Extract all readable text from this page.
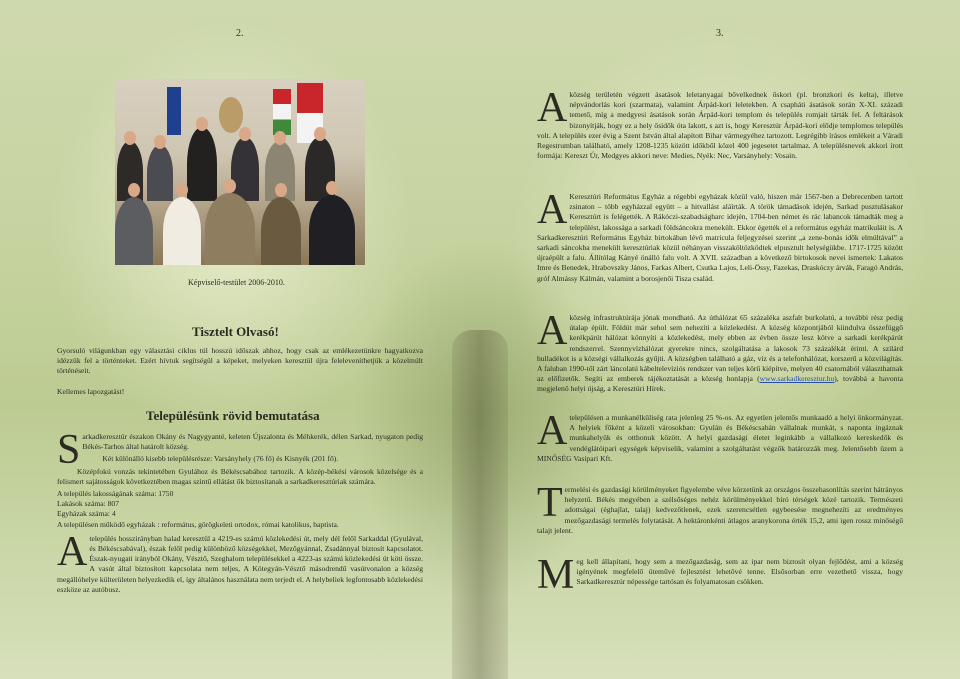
2.
Képviselő-testület 2006-2010.
Tisztelt Olvasó!

Gyorsuló világunkban egy választási ciklus túl hosszú időszak ahhoz, hogy csak az emlékezetünkre hagyatkozva idézzük fel a történteket. Ezért hívtuk segítségül a képeket, melyeken keresztül újra feleleveníthetjük a közelmúlt történéseit.

Kellemes lapozgatást!
Településünk rövid bemutatása

Sarkadkeresztúr északon Okány és Nagygyanté, keleten Újszalonta és Méhkerék, délen Sarkad, nyugaton pedig Békés-Tarhos által határolt község.

Két különálló kisebb településrésze: Varsányhely (76 fő) és Kisnyék (201 fő).

Középfokú vonzás tekintetében Gyulához és Békéscsabához tartozik. A közép-békési városok közelsége és a felismert sajátosságok következtében magas szintű ellátást ők biztosítanak a sarkadkeresztúriak számára.

A település lakosságának száma: 1750

Lakások száma: 807

Egyházak száma: 4

A településen működő egyházak : református, görögkeleti ortodox, római katolikus, baptista.

Atelepülés hosszirányban halad keresztül a 4219-es számú közlekedési út, mely dél felől Sarkaddal (Gyulával, és Békéscsabával), észak felől pedig különböző községekkel, Mezőgyánnal, Zsadánnyal biztosít kapcsolatot. Észak-nyugati irányból Okány, Vésztő, Szeghalom településekkel a 4223-as számú közlekedési út köti össze. A vasút által biztosított kapcsolata nem teljes, A Kötegyán-Vésztő másodrendű vasútvonalon a község megállóhelye külterületen helyezkedik el, így általános használata nem terjedt el. A helybeliek legfontosabb közlekedési eszköze az autóbusz.

3.
Aközség területén végzett ásatások leletanyagai bővelkednek őskori (pl. bronzkori és kelta), illetve népvándorlás kori (szarmata), valamint Árpád-kori leletekben. A csapháti ásatások során X-XI. századi temető, míg a medgyesi ásatások során Árpád-kori templom és település romjait tárták fel. A feltárások bizonyítják, hogy ez a hely ősidők óta lakott, s azt is, hogy Keresztúr Árpád-kori elődje templomos település volt. A település ezer évig a Szent István által alapított Bihar vármegyéhez tartozott. Legrégibb írásos emlékeit a Váradi Regestrumban található, amely 1208-1235 között időkből közel 400 jegesetet tartalmaz. A településnevek akkori írott formája: Kereszt Úr, Medgyes akkori neve: Medies, Nyék: Nec, Varsányhely: Vosain.
A Keresztúri Református Egyház a régebbi egyházak közül való, hiszen már 1567-ben a Debrecenben tartott zsinaton – több egyházzal együtt – a hitvallást aláírták. A török támadások idején, Sarkad pusztulásakor Keresztúrt is felégették. A Rákóczi-szabadságharc idején, 1704-ben német és rác labancok támadták meg a települést, lakossága a sarkadi földsáncokra menekült. Ekkor égették el a református egyház matrikuláit is. A Sarkadkeresztúri Református Egyház birtokában lévő matricula feljegyzései szerint „a zene-bonás idők elmúltával” a sarkadi sáncokba menekült keresztúriak közül néhányan visszaköltözködtek elpusztult helységükbe. 1717-1725 között újraépült a falu. Állítólag Kányé önálló falu volt. A XVII. században a következő birtokosok nevei ismertek: Lakatos Imre és Benedek, Hrabovszky János, Farkas Albert, Csutka Lajos, Leli-Össy, Fazekas, Draskóczy árvák, Faragó András, gróf Almássy Kálmán, valamint a borosjenői Tisza család.
Aközség infrastruktúrája jónak mondható. Az úthálózat 65 százaléka aszfalt burkolatú, a további rész pedig útalap épült. Földút már sehol sem nehezíti a közlekedést. A község központjából kiindulva összefüggő kerékpárút hálózat könnyíti a közlekedést, mely ebben az évben össze lesz kötve a sarkadi kerékpárút rendszerrel. Szennyvízhálózat gyerekre nincs, szolgáltatása a lakosok 73 százalékát érinti. A szilárd hulladékot is a községi vállalkozás gyűjti. A községben található a gáz, víz és a telefonhálózat, korszerű a közvilágítás. A faluban 1990-től zárt láncolatú kábeltelevíziós rendszer van teljes körű kiépítve, melyen 40 csatornából választhatnak az előfizetők. Segíti az emberek tájékoztatását a község honlapja (www.sarkadkeresztur.hu), továbbá a havonta megjelenő helyi újság, a Keresztúri Hírek.
Atelepülésen a munkanélküliség rata jelenleg 25 %-os. Az egyetlen jelentős munkaadó a helyi önkormányzat. A helyiek főként a közeli városokban: Gyulán és Békéscsabán vállalnak munkát, s naponta ingáznak munkahelyük és otthonuk között. A helyi gazdasági életet leginkább a vállalkozó kereskedők és vendéglátóipari egységek képviselik, valamint a szolgáltatást végzők határozzák meg. Jelentősebb üzem a MINŐSÉG Vasipari Kft.
Termelési és gazdasági körülményeket figyelembe véve körzetünk az országos összehasonlítás szerint hátrányos helyzetű. Békés megyében a szélsőséges nehéz körülményekkel bíró térségek közé tartozik. Természeti adottságai (éghajlat, talaj) kedvezőtlenek, ezek szerencsétlen egybeesése megnehezíti az eredményes mezőgazdasági termelés folytatását. A hektáronkénti átlagos aranykorona érték 15,2, ami igen rossz minőségű talajt jelent.
Meg kell állapítani, hogy sem a mezőgazdaság, sem az ipar nem biztosít olyan fejlődést, ami a község igényének megfelelő üteművé fejlesztést lehetővé tenne. Elsősorban erre vezethető vissza, hogy Sarkadkeresztúr népessége tartósan és folyamatosan csökken.
